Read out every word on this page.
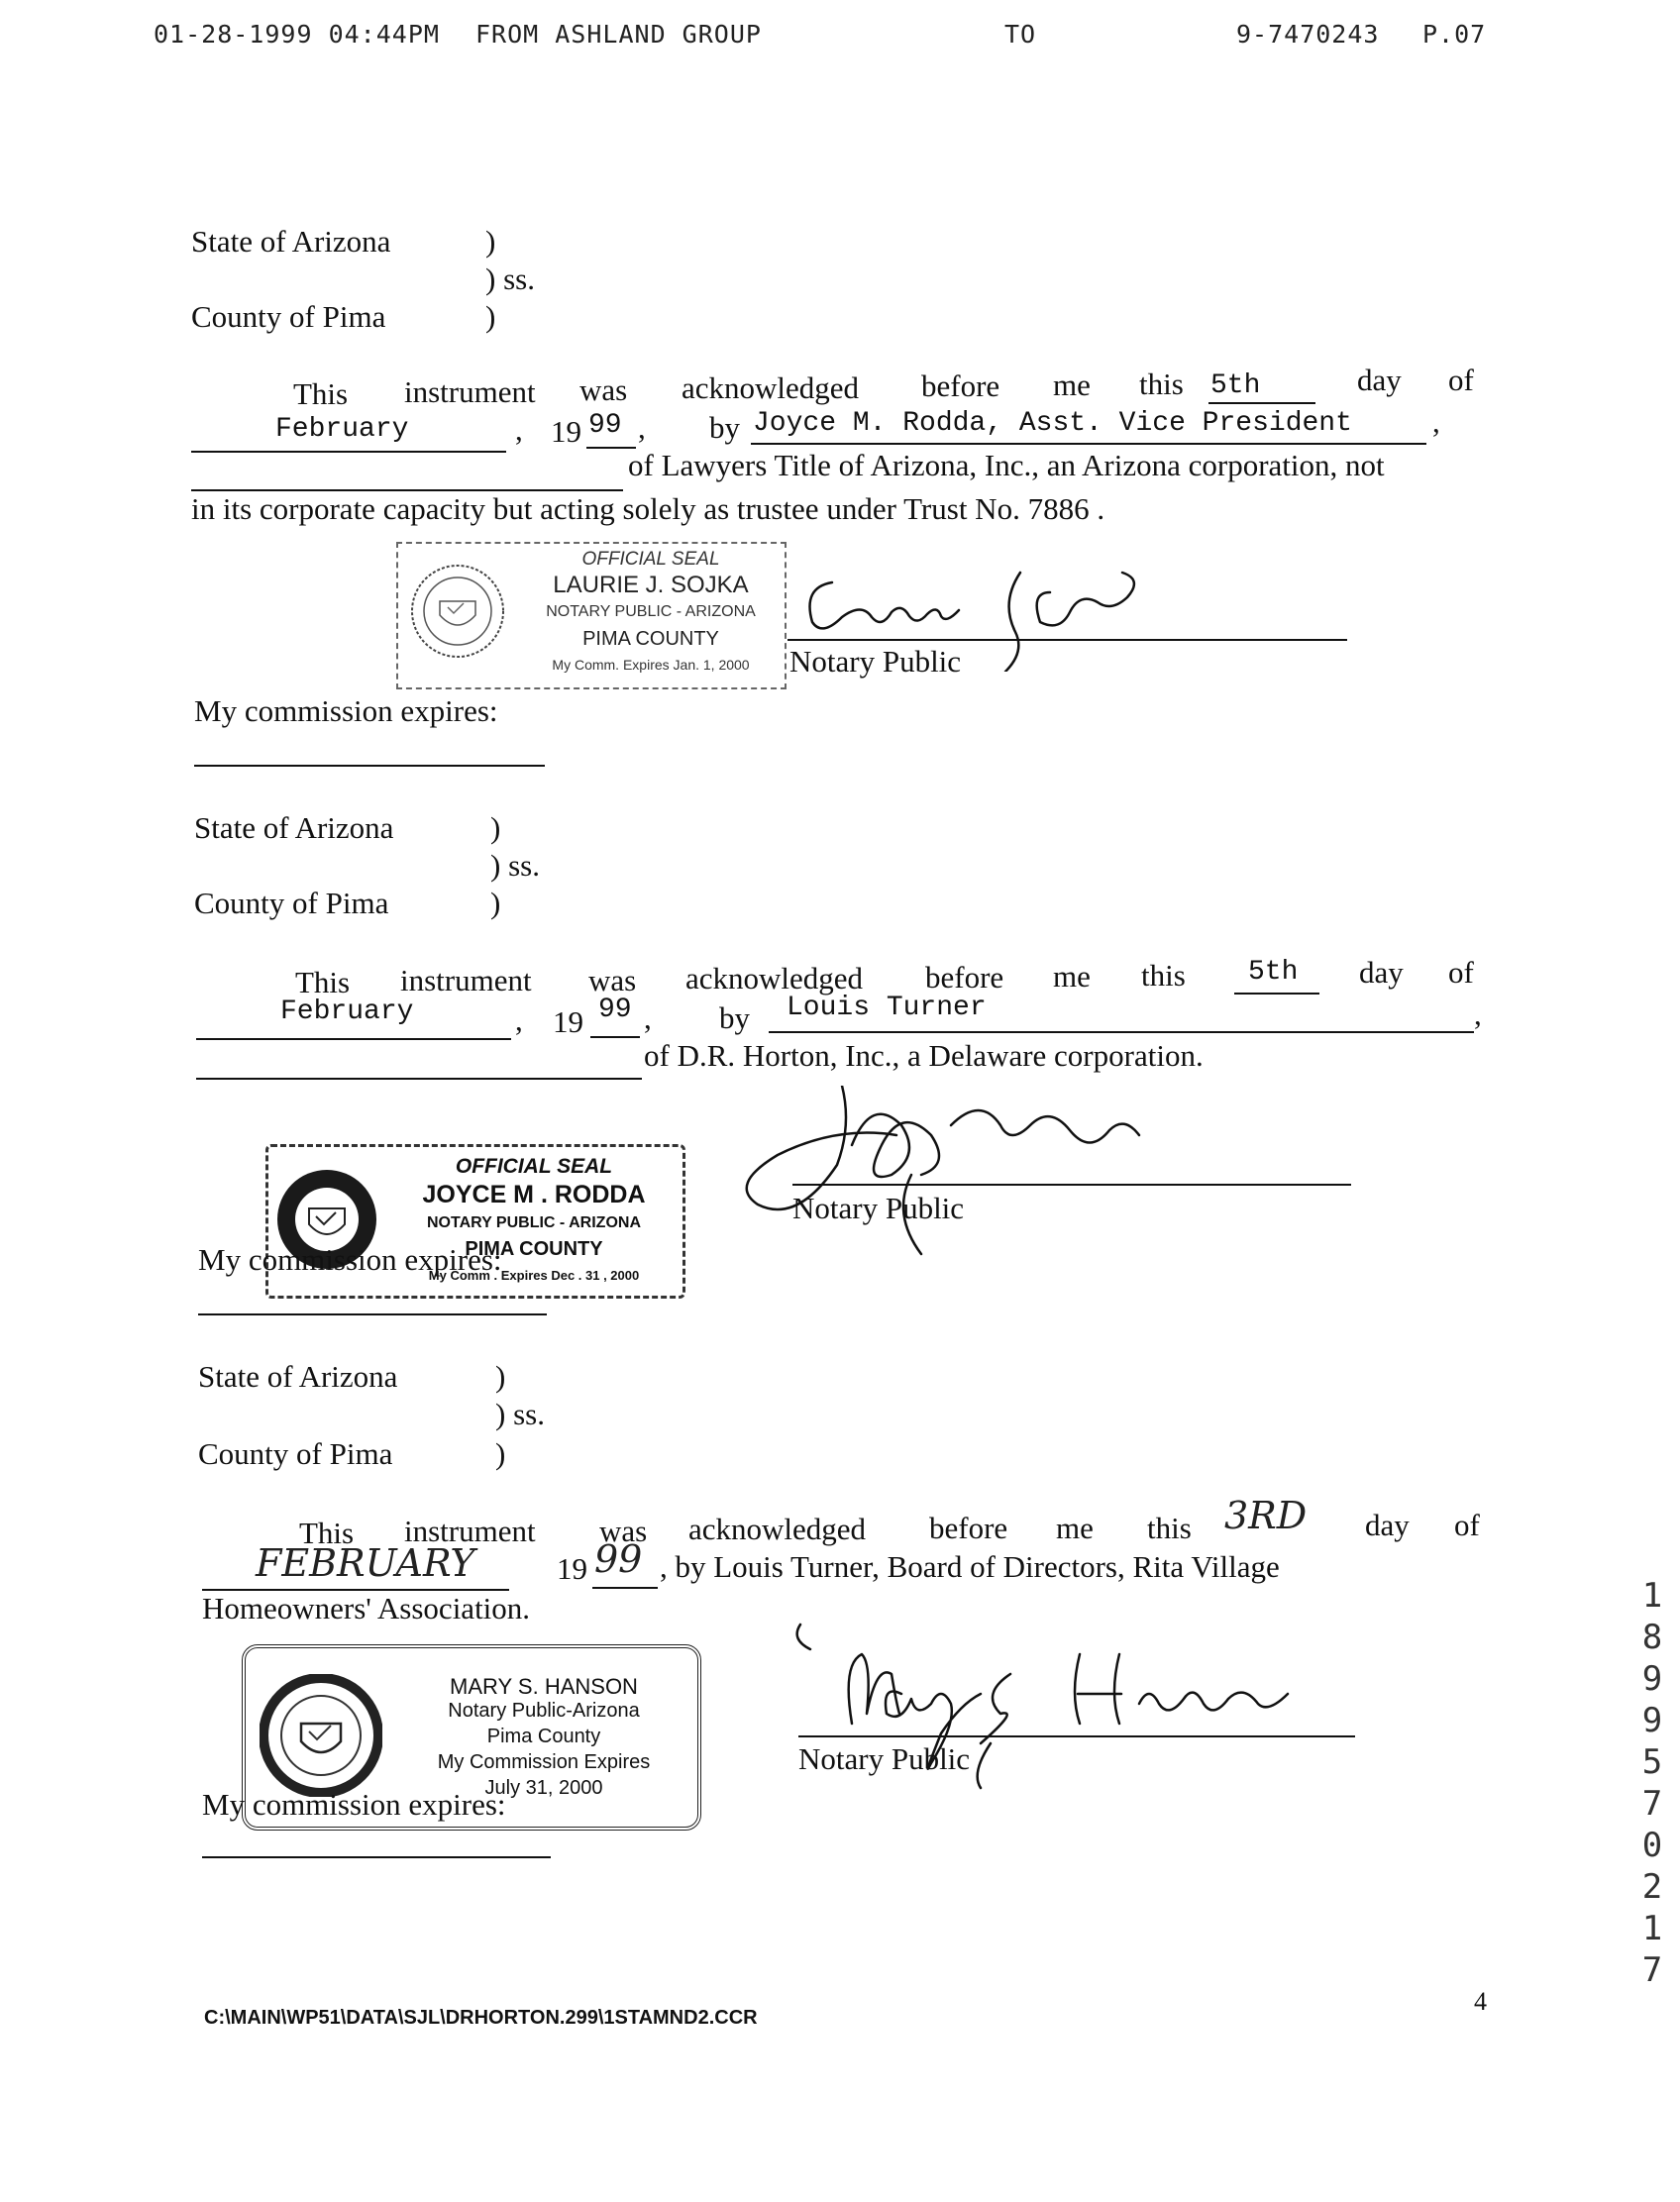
01-28-1999 04:44PM FROM ASHLAND GROUP	TO	9-7470243 P.07
State of Arizona	)
) ss.
County of Pima	)
This instrument was acknowledged before me this 5th	day of
February	, 19 99 , by Joyce M. Rodda, Asst. Vice President	,
of Lawyers Title of Arizona, Inc., an Arizona corporation, not
in its corporate capacity but acting solely as trustee under Trust No. 7886 .
OFFICIAL SEAL
LAURIE J. SOJKA
NOTARY PUBLIC - ARIZONA
PIMA COUNTY
My Comm. Expires Jan. 1, 2000	Notary Public
My commission expires:
State of Arizona	)
) ss.
County of Pima	)
This instrument was acknowledged before me this 5th day of
February	, 19 99 , by Louis Turner	,
of D.R. Horton, Inc., a Delaware corporation.
OFFICIAL SEAL
JOYCE M . RODDA
NOTARY PUBLIC - ARIZONA
PIMA COUNTY
My Comm . Expires Dec . 31 , 2000
Notary Public
My commission expires:
State of Arizona	)
) ss.
County of Pima	)
This instrument was acknowledged before me this 3RD day of
FEBRUARY	19 99 , by Louis Turner, Board of Directors, Rita Village
Homeowners' Association.
MARY S. HANSON
Notary Public-Arizona
Pima County
My Commission Expires
July 31, 2000
Notary Public
My commission expires:
C:\MAIN\WP51\DATA\SJL\DRHORTON.299\1STAMND2.CCR
4
1
8
9
9
5
7
0
2
1
7
